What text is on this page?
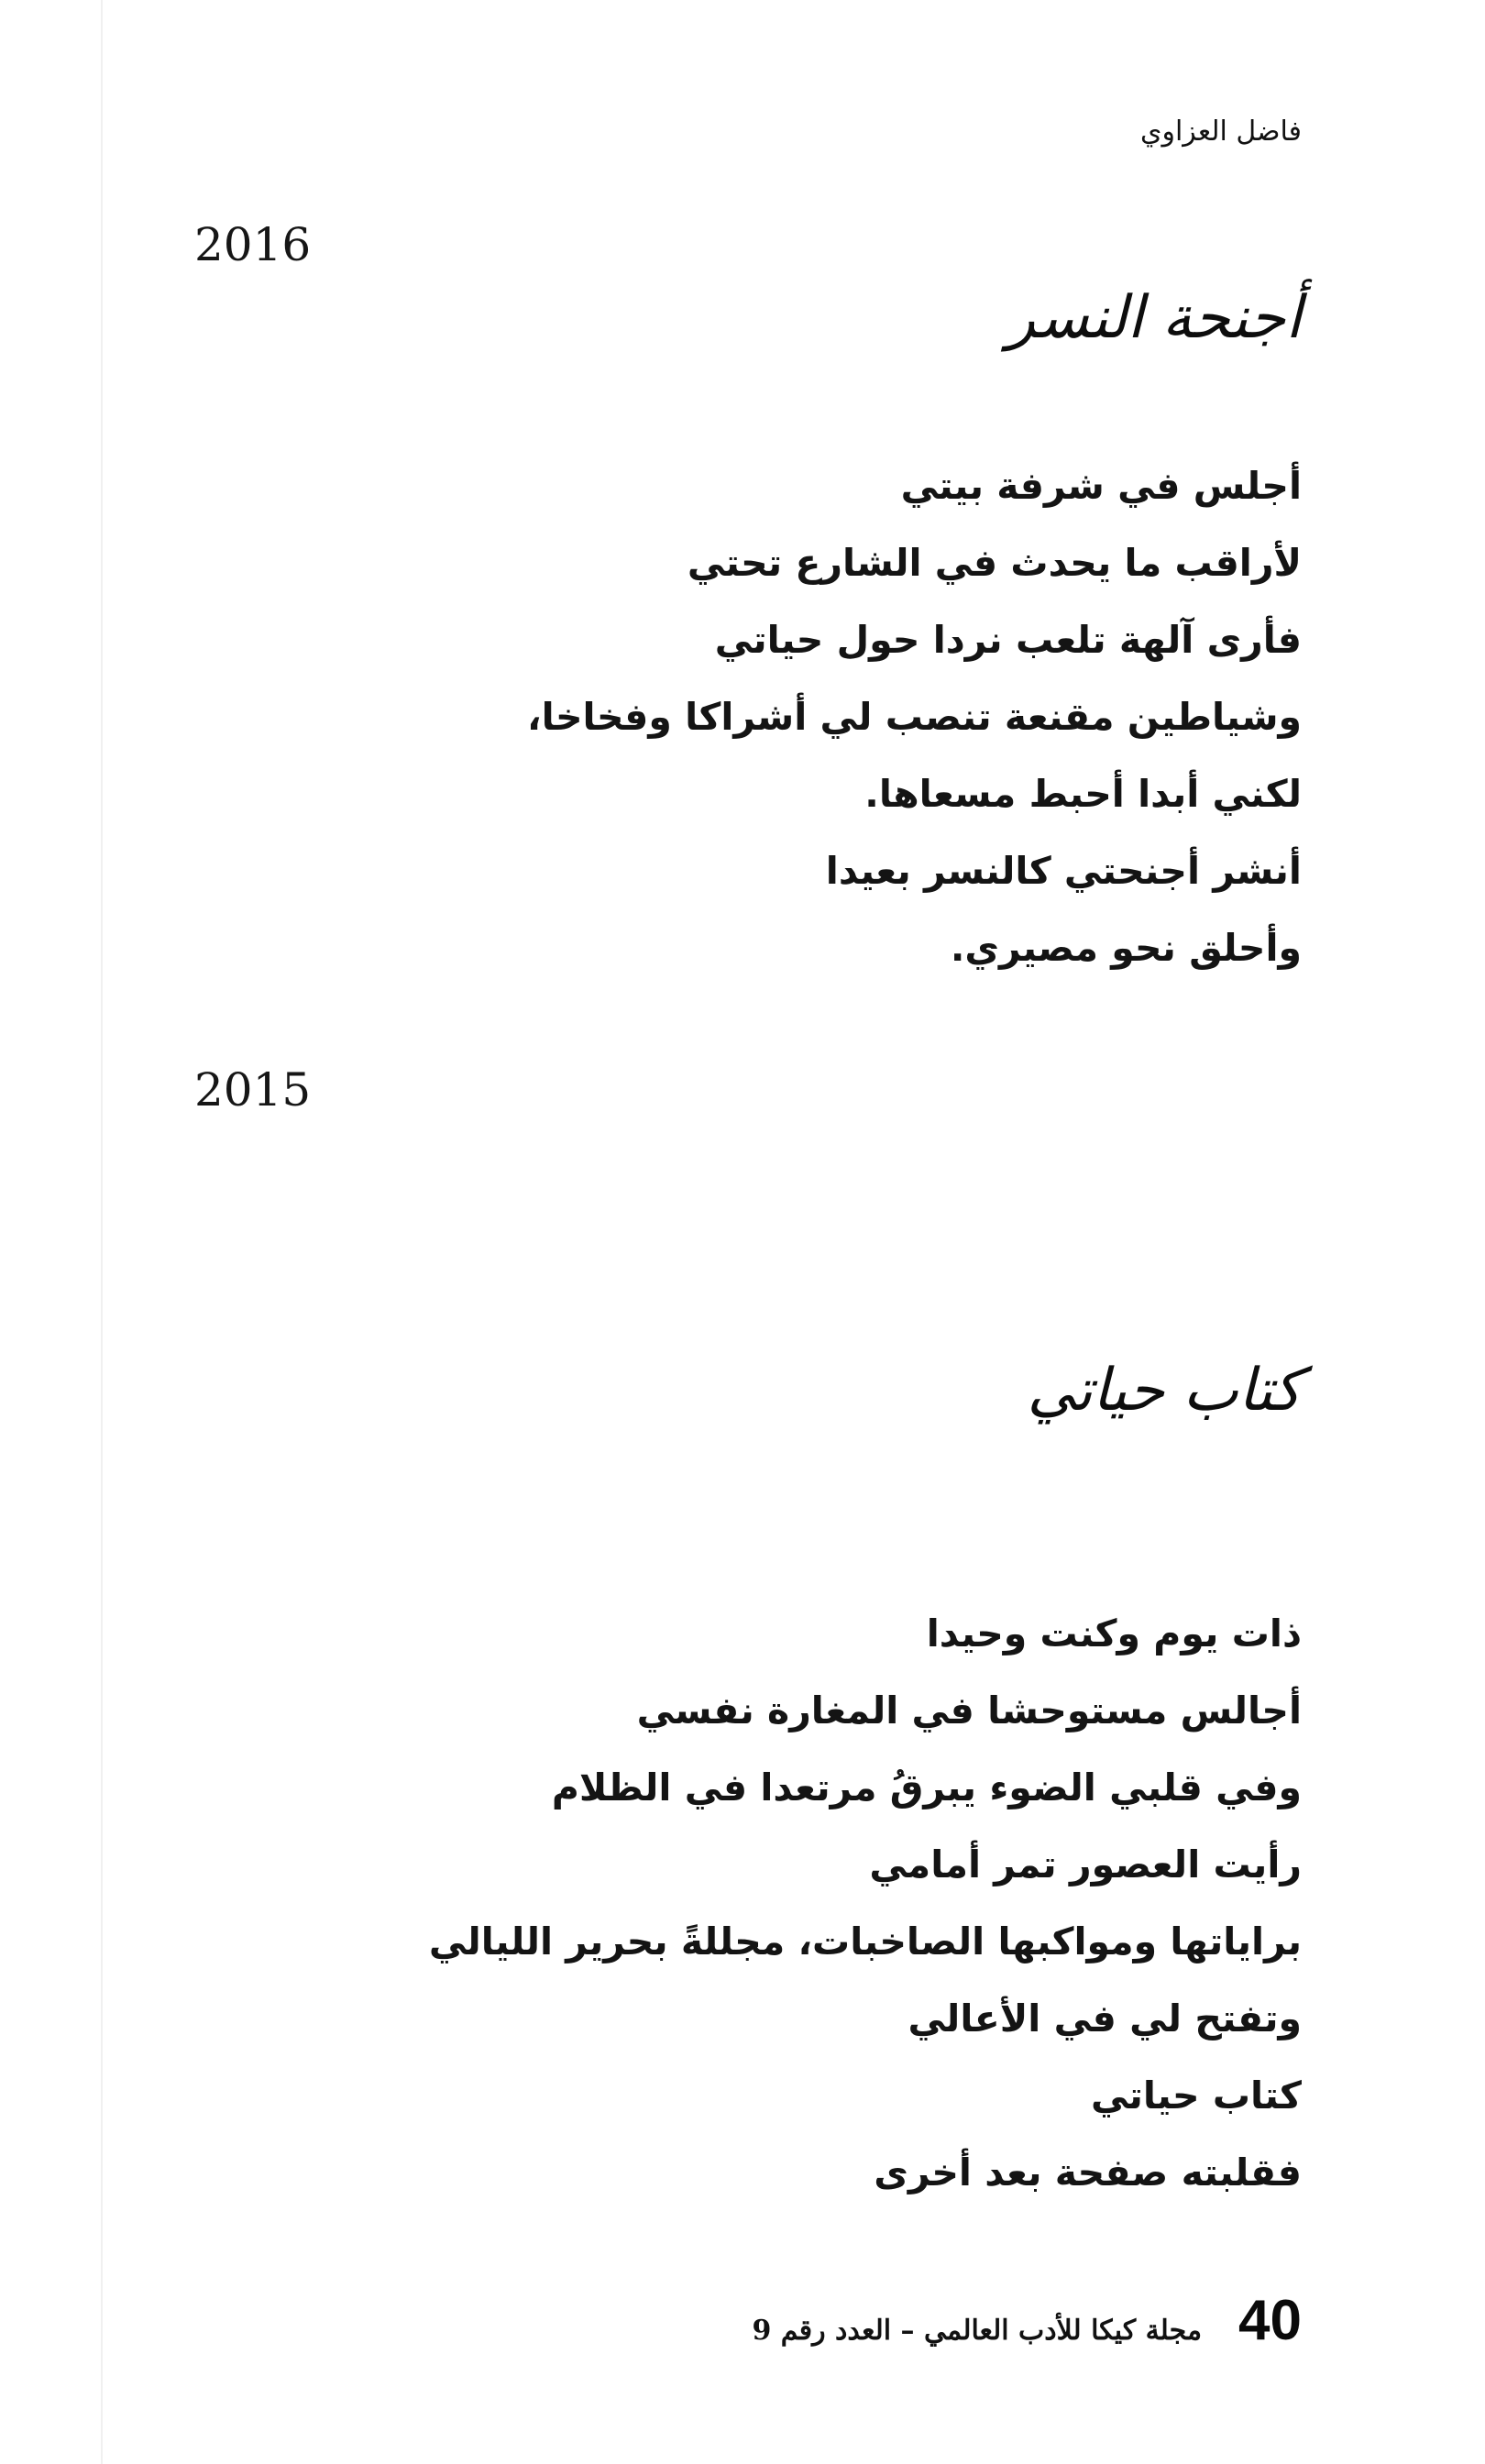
فاضل العزاوي
2016
أجنحة النسر
أجلس في شرفة بيتي
لأراقب ما يحدث في الشارع تحتي
فأرى آلهة تلعب نردا حول حياتي
وشياطين مقنعة تنصب لي أشراكا وفخاخا،
لكني أبدا أحبط مسعاها.
أنشر أجنحتي كالنسر بعيدا
وأحلق نحو مصيري.
2015
كتاب حياتي
ذات يوم وكنت وحيدا
أجالس مستوحشا في المغارة نفسي
وفي قلبي الضوء يبرقُ مرتعدا في الظلام
رأيت العصور تمر أمامي
براياتها ومواكبها الصاخبات، مجللةً بحرير الليالي
وتفتح لي في الأعالي
كتاب حياتي
فقلبته صفحة بعد أخرى
مجلة كيكا للأدب العالمي – العدد رقم 9 40
